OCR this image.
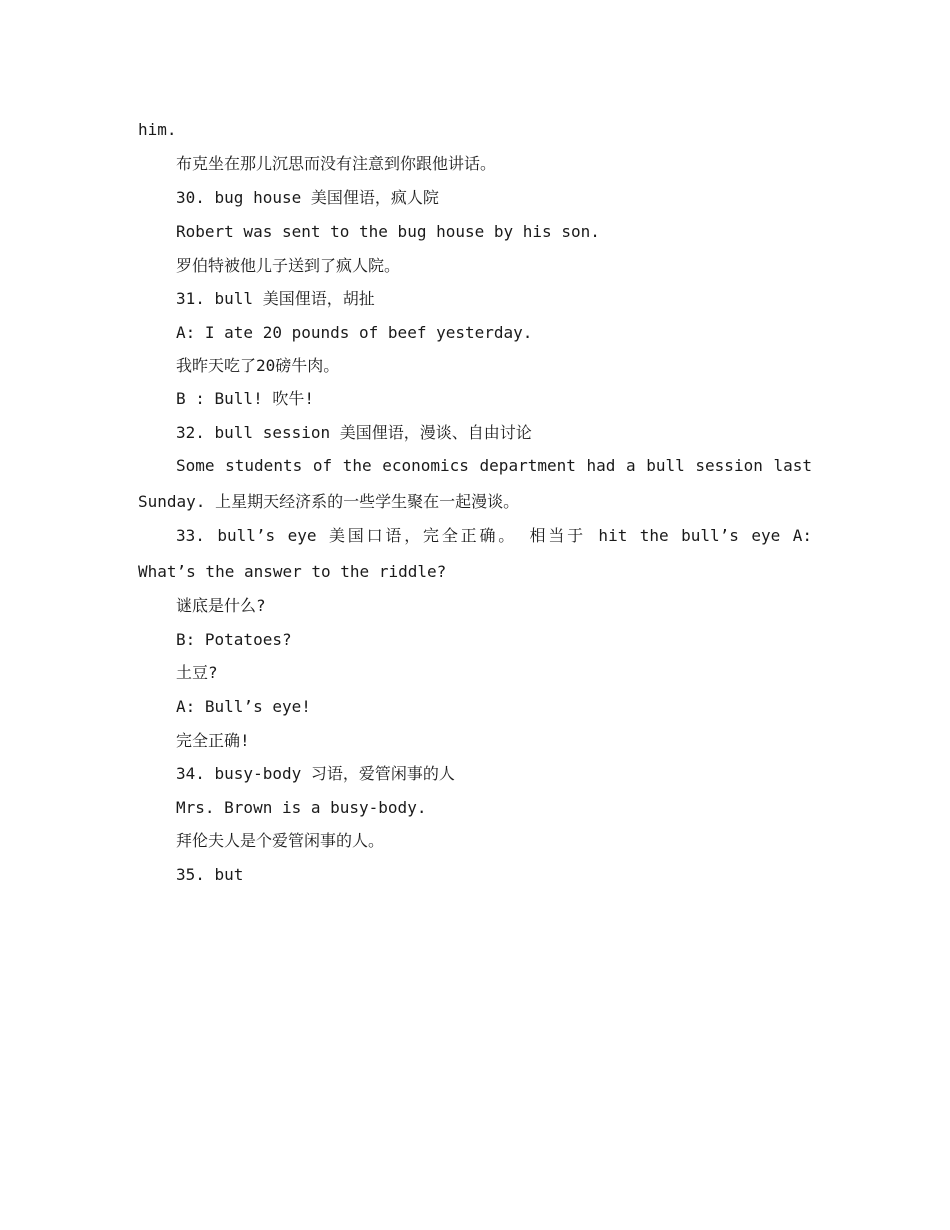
him.
布克坐在那儿沉思而没有注意到你跟他讲话。
30. bug house 美国俚语，疯人院
Robert was sent to the bug house by his son.
罗伯特被他儿子送到了疯人院。
31. bull 美国俚语，胡扯
A: I ate 20 pounds of beef yesterday.
我昨天吃了20磅牛肉。
B : Bull! 吹牛!
32. bull session 美国俚语，漫谈、自由讨论
Some students of the economics department had a bull session last Sunday. 上星期天经济系的一些学生聚在一起漫谈。
33. bull’s eye 美国口语，完全正确。 相当于 hit the bull’s eye A: What’s the answer to the riddle?
谜底是什么?
B: Potatoes?
土豆?
A: Bull’s eye!
完全正确!
34. busy-body 习语，爱管闲事的人
Mrs. Brown is a busy-body.
拜伦夫人是个爱管闲事的人。
35. but
